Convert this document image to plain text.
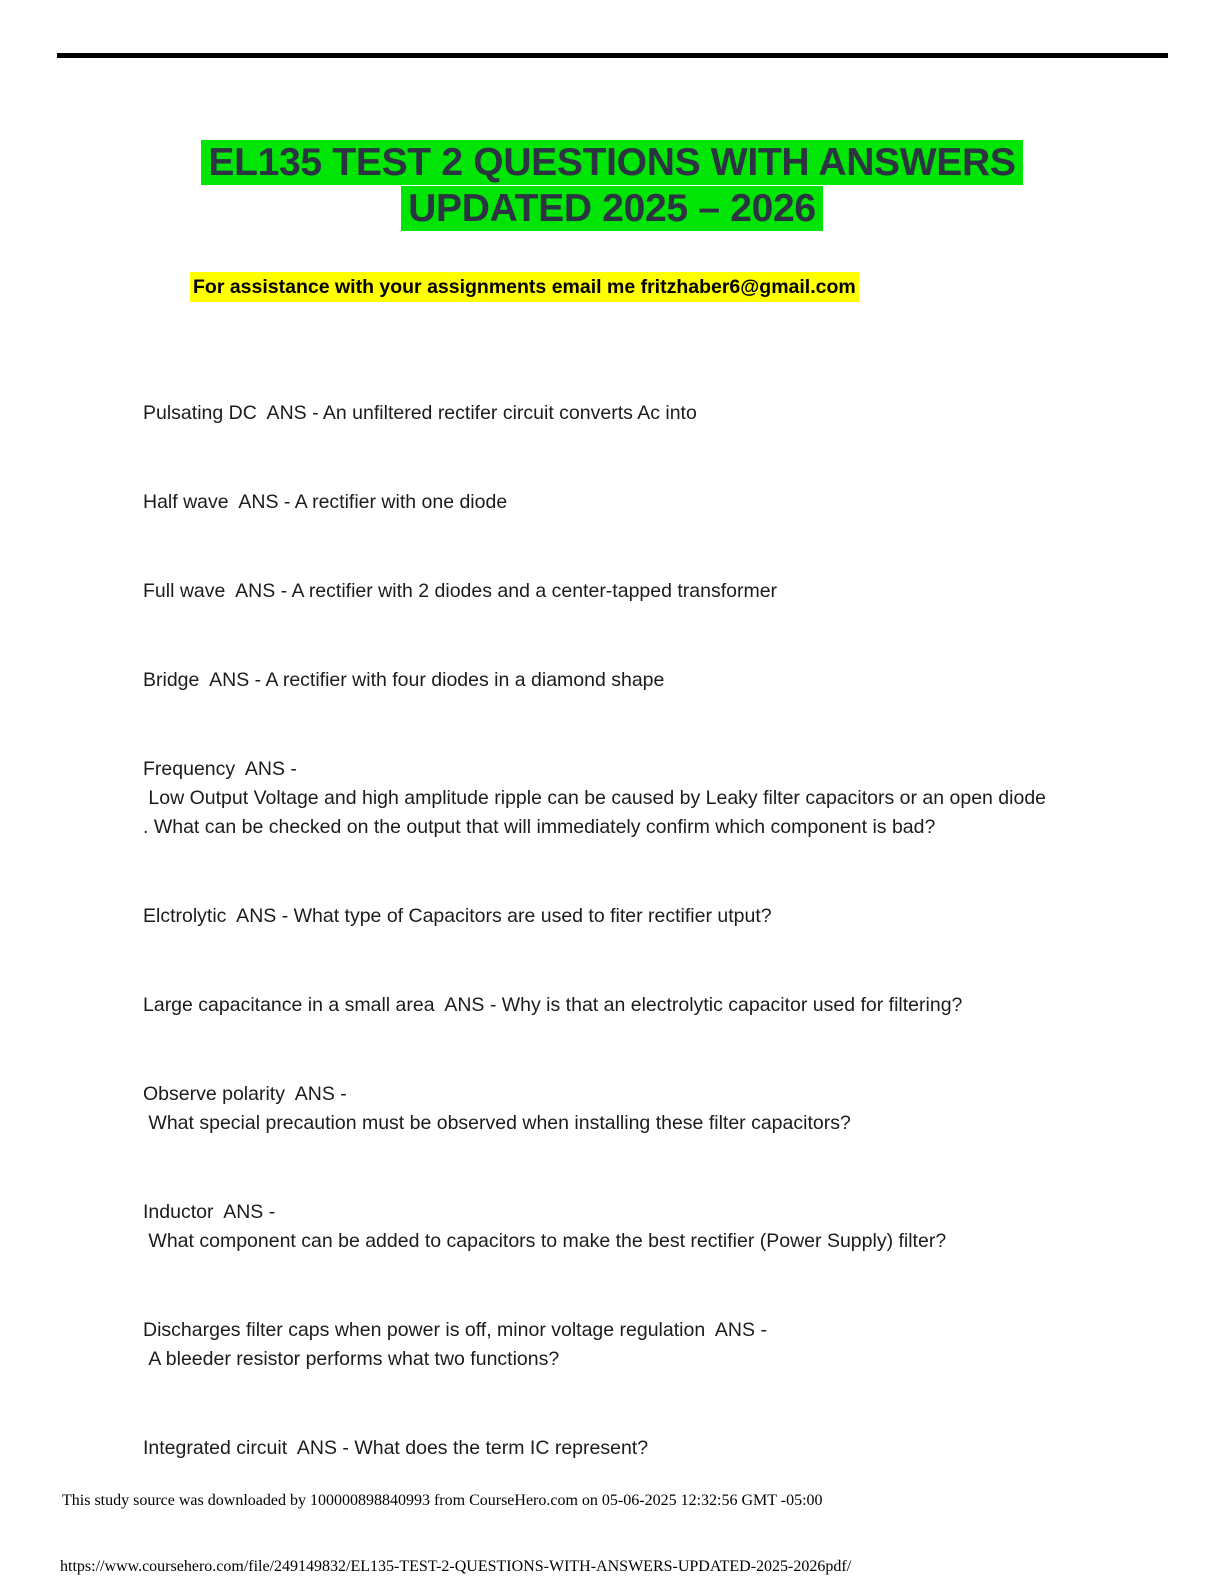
EL135 TEST 2 QUESTIONS WITH ANSWERS
UPDATED 2025 – 2026
For assistance with your assignments email me fritzhaber6@gmail.com
Pulsating DC  ANS - An unfiltered rectifer circuit converts Ac into
Half wave  ANS - A rectifier with one diode
Full wave  ANS - A rectifier with 2 diodes and a center-tapped transformer
Bridge  ANS - A rectifier with four diodes in a diamond shape
Frequency  ANS -
Low Output Voltage and high amplitude ripple can be caused by Leaky filter capacitors or an open diode
. What can be checked on the output that will immediately confirm which component is bad?
Elctrolytic  ANS - What type of Capacitors are used to fiter rectifier utput?
Large capacitance in a small area  ANS - Why is that an electrolytic capacitor used for filtering?
Observe polarity  ANS -
What special precaution must be observed when installing these filter capacitors?
Inductor  ANS -
What component can be added to capacitors to make the best rectifier (Power Supply) filter?
Discharges filter caps when power is off, minor voltage regulation  ANS -
A bleeder resistor performs what two functions?
Integrated circuit  ANS - What does the term IC represent?
This study source was downloaded by 100000898840993 from CourseHero.com on 05-06-2025 12:32:56 GMT -05:00
https://www.coursehero.com/file/249149832/EL135-TEST-2-QUESTIONS-WITH-ANSWERS-UPDATED-2025-2026pdf/
